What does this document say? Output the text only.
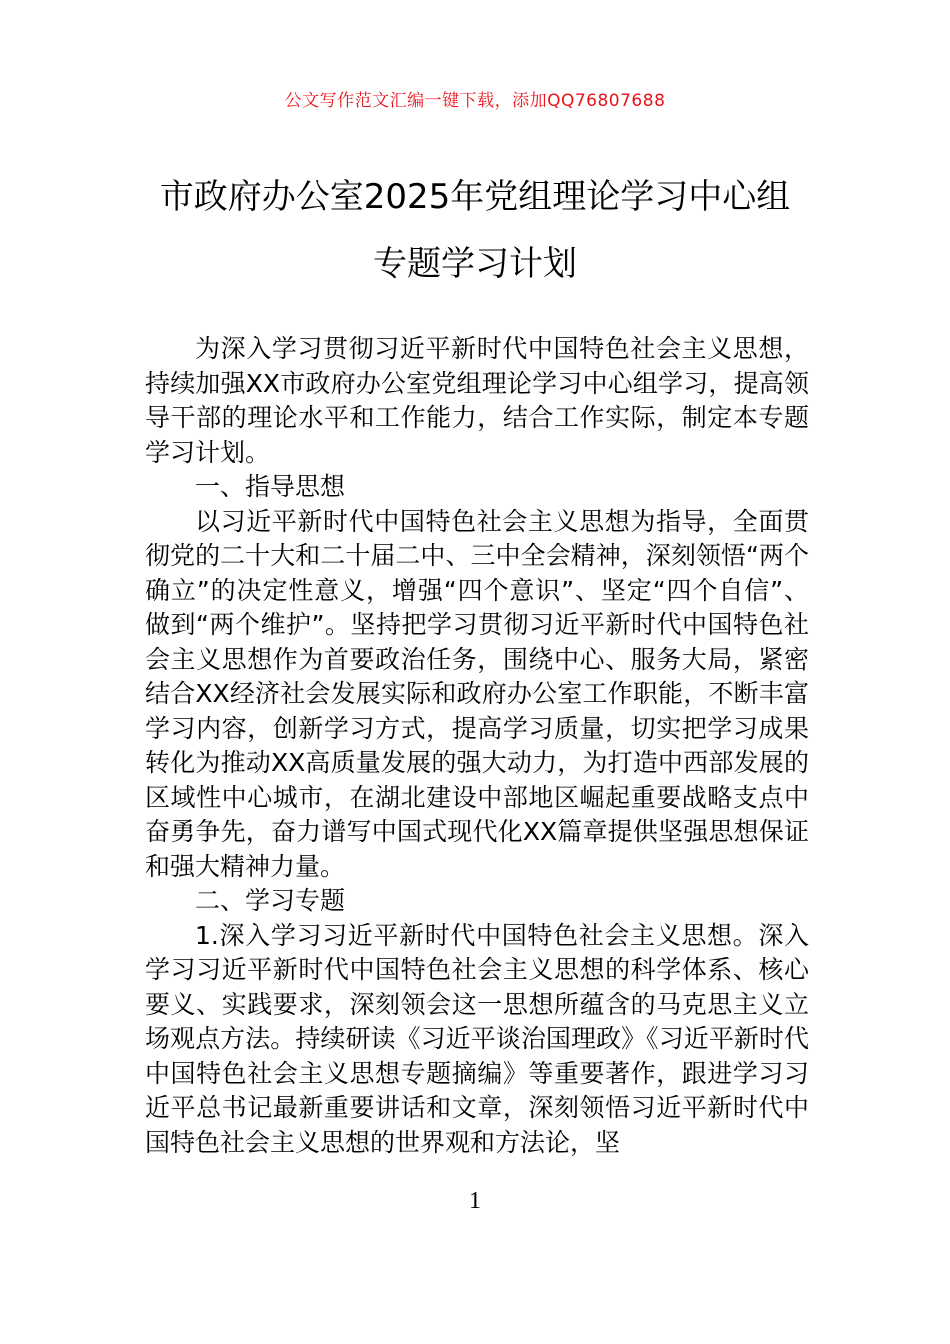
公文写作范文汇编一键下载，添加QQ76807688
市政府办公室2025年党组理论学习中心组
专题学习计划

为深入学习贯彻习近平新时代中国特色社会主义思想，持续加强XX市政府办公室党组理论学习中心组学习，提高领导干部的理论水平和工作能力，结合工作实际，制定本专题学习计划。

一、指导思想

以习近平新时代中国特色社会主义思想为指导，全面贯彻党的二十大和二十届二中、三中全会精神，深刻领悟“两个确立”的决定性意义，增强“四个意识”、坚定“四个自信”、做到“两个维护”。坚持把学习贯彻习近平新时代中国特色社会主义思想作为首要政治任务，围绕中心、服务大局，紧密结合XX经济社会发展实际和政府办公室工作职能，不断丰富学习内容，创新学习方式，提高学习质量，切实把学习成果转化为推动XX高质量发展的强大动力，为打造中西部发展的区域性中心城市，在湖北建设中部地区崛起重要战略支点中奋勇争先，奋力谱写中国式现代化XX篇章提供坚强思想保证和强大精神力量。

二、学习专题

1.深入学习习近平新时代中国特色社会主义思想。深入学习习近平新时代中国特色社会主义思想的科学体系、核心要义、实践要求，深刻领会这一思想所蕴含的马克思主义立场观点方法。持续研读《习近平谈治国理政》《习近平新时代中国特色社会主义思想专题摘编》等重要著作，跟进学习习近平总书记最新重要讲话和文章，深刻领悟习近平新时代中国特色社会主义思想的世界观和方法论，坚

1
